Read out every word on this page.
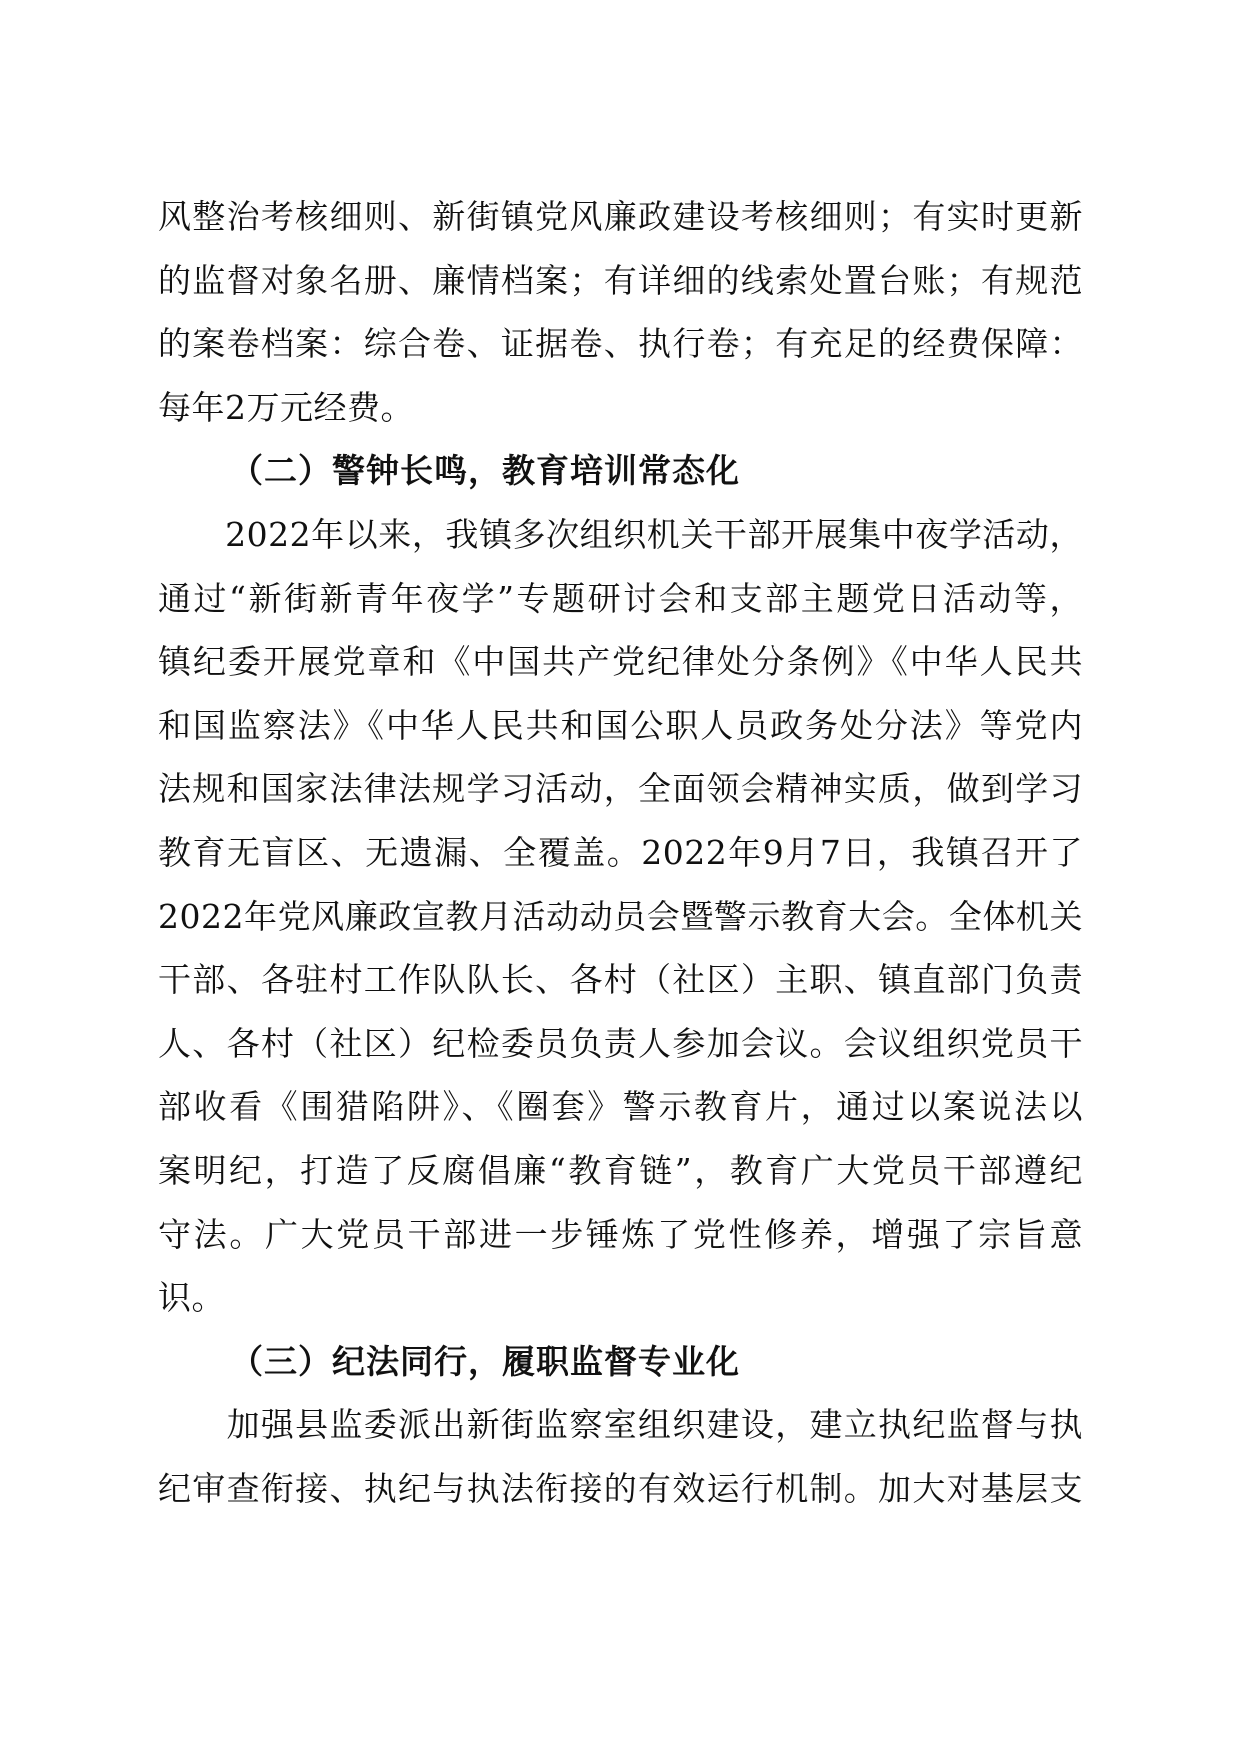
风整治考核细则、新街镇党风廉政建设考核细则；有实时更新
的监督对象名册、廉情档案；有详细的线索处置台账；有规范
的案卷档案：综合卷、证据卷、执行卷；有充足的经费保障：
每年2万元经费。
（二）警钟长鸣，教育培训常态化
　　2022年以来，我镇多次组织机关干部开展集中夜学活动，
通过“新街新青年夜学”专题研讨会和支部主题党日活动等，
镇纪委开展党章和《中国共产党纪律处分条例》《中华人民共
和国监察法》《中华人民共和国公职人员政务处分法》等党内
法规和国家法律法规学习活动，全面领会精神实质，做到学习
教育无盲区、无遗漏、全覆盖。2022年9月7日，我镇召开了
2022年党风廉政宣教月活动动员会暨警示教育大会。全体机关
干部、各驻村工作队队长、各村（社区）主职、镇直部门负责
人、各村（社区）纪检委员负责人参加会议。会议组织党员干
部收看《围猎陷阱》、《圈套》警示教育片，通过以案说法以
案明纪，打造了反腐倡廉“教育链”，教育广大党员干部遵纪
守法。广大党员干部进一步锤炼了党性修养，增强了宗旨意
识。
（三）纪法同行，履职监督专业化
　　加强县监委派出新街监察室组织建设，建立执纪监督与执
纪审查衔接、执纪与执法衔接的有效运行机制。加大对基层支
